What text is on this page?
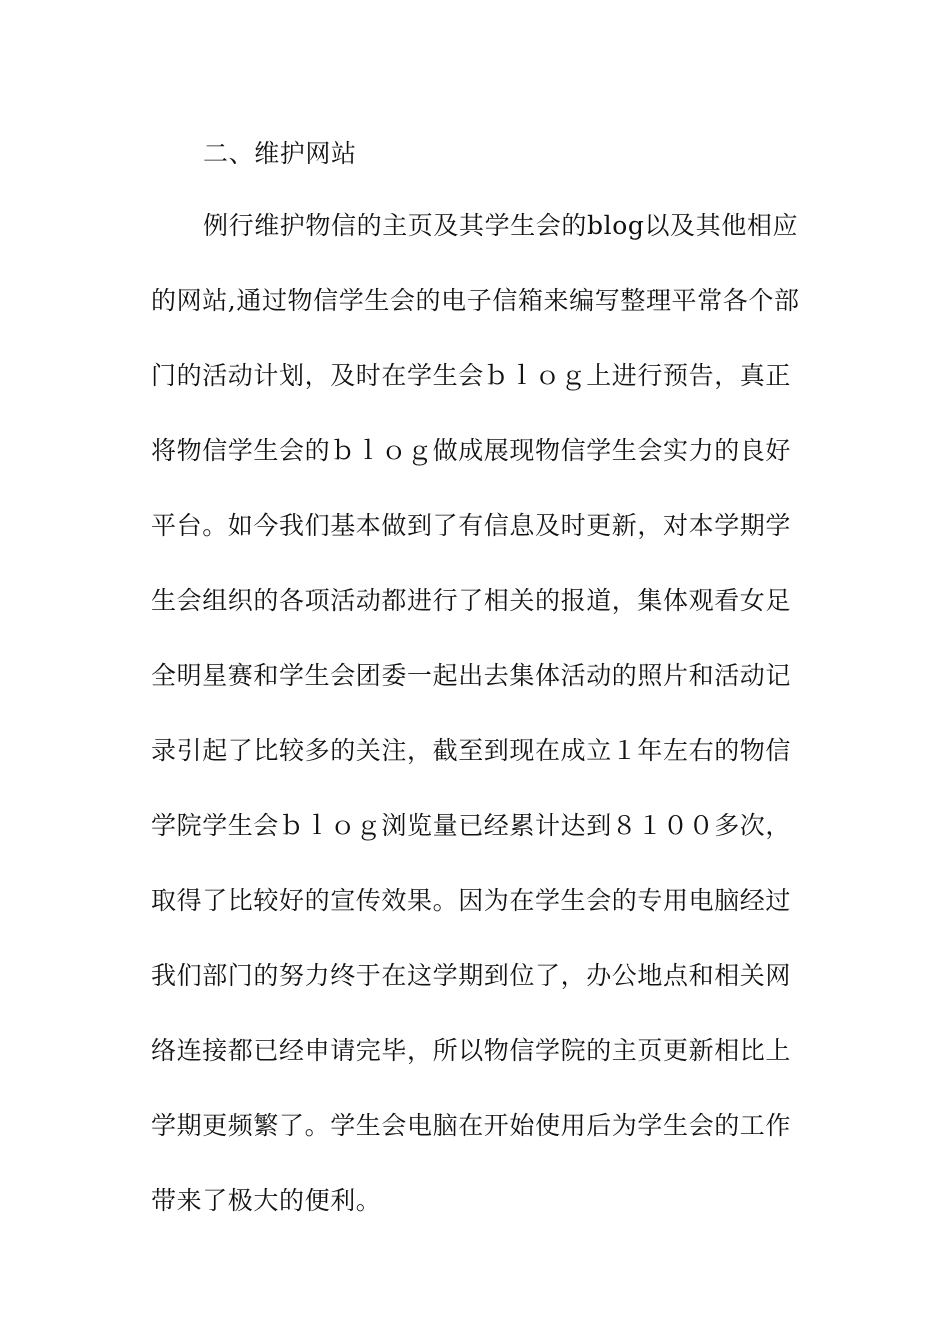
二、维护网站
例行维护物信的主页及其学生会的blog以及其他相应
的网站,通过物信学生会的电子信箱来编写整理平常各个部
门的活动计划，及时在学生会ｂｌｏｇ上进行预告，真正
将物信学生会的ｂｌｏｇ做成展现物信学生会实力的良好
平台。如今我们基本做到了有信息及时更新，对本学期学
生会组织的各项活动都进行了相关的报道，集体观看女足
全明星赛和学生会团委一起出去集体活动的照片和活动记
录引起了比较多的关注，截至到现在成立１年左右的物信
学院学生会ｂｌｏｇ浏览量已经累计达到８１００多次，
取得了比较好的宣传效果。因为在学生会的专用电脑经过
我们部门的努力终于在这学期到位了，办公地点和相关网
络连接都已经申请完毕，所以物信学院的主页更新相比上
学期更频繁了。学生会电脑在开始使用后为学生会的工作
带来了极大的便利。
